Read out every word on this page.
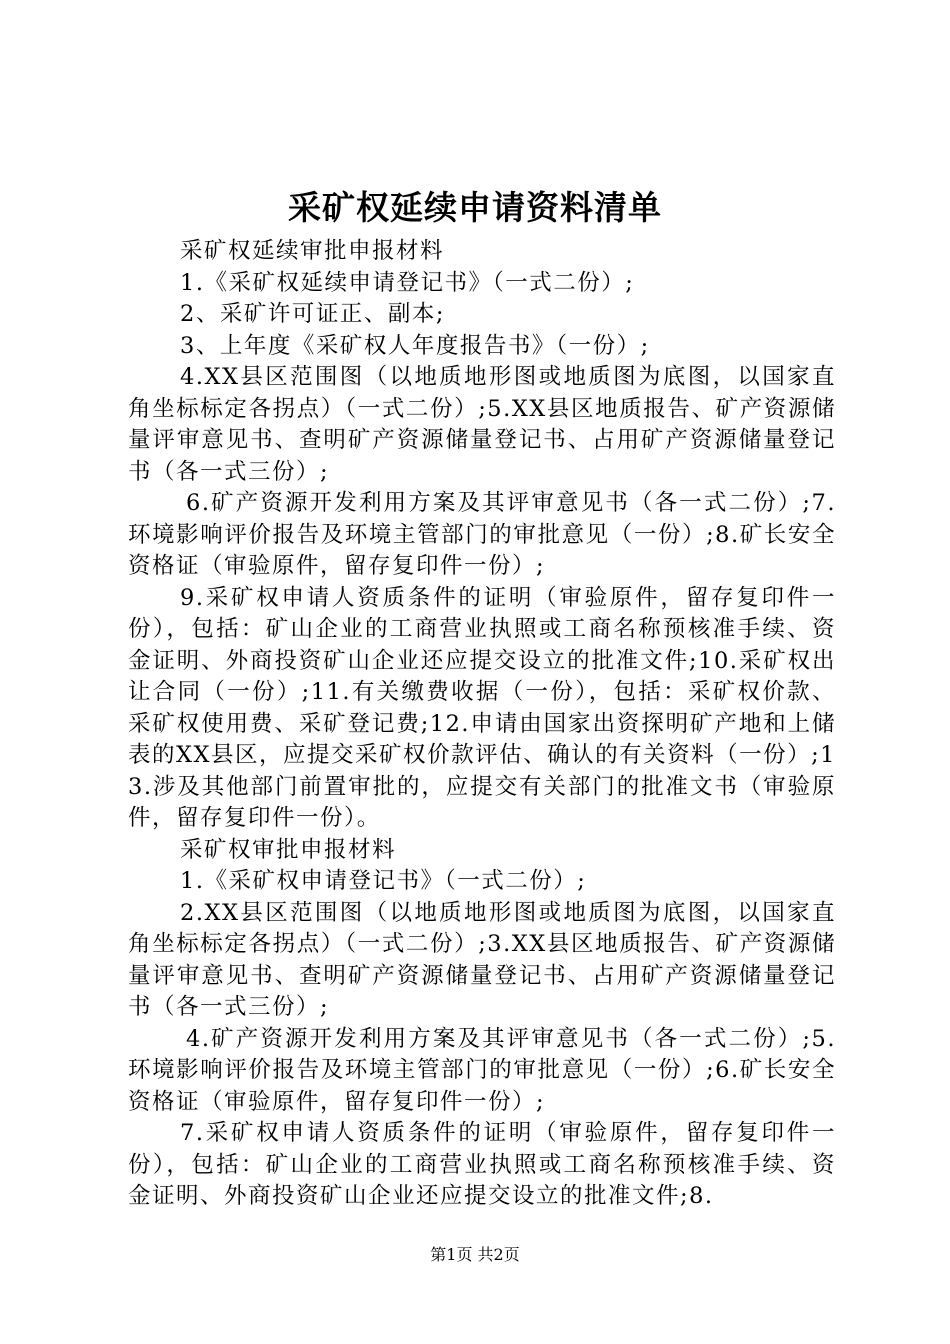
采矿权延续申请资料清单

采矿权延续审批申报材料

1.《采矿权延续申请登记书》（一式二份）;

2、采矿许可证正、副本;

3、上年度《采矿权人年度报告书》（一份）;

4.XX县区范围图（以地质地形图或地质图为底图，以国家直角坐标标定各拐点）（一式二份）;5.XX县区地质报告、矿产资源储量评审意见书、查明矿产资源储量登记书、占用矿产资源储量登记书（各一式三份）;

6.矿产资源开发利用方案及其评审意见书（各一式二份）;7.环境影响评价报告及环境主管部门的审批意见（一份）;8.矿长安全资格证（审验原件，留存复印件一份）;

9.采矿权申请人资质条件的证明（审验原件，留存复印件一份），包括：矿山企业的工商营业执照或工商名称预核准手续、资金证明、外商投资矿山企业还应提交设立的批准文件;10.采矿权出让合同（一份）;11.有关缴费收据（一份），包括：采矿权价款、采矿权使用费、采矿登记费;12.申请由国家出资探明矿产地和上储表的XX县区，应提交采矿权价款评估、确认的有关资料（一份）;13.涉及其他部门前置审批的，应提交有关部门的批准文书（审验原件，留存复印件一份）。

采矿权审批申报材料

1.《采矿权申请登记书》（一式二份）;

2.XX县区范围图（以地质地形图或地质图为底图，以国家直角坐标标定各拐点）（一式二份）;3.XX县区地质报告、矿产资源储量评审意见书、查明矿产资源储量登记书、占用矿产资源储量登记书（各一式三份）;

4.矿产资源开发利用方案及其评审意见书（各一式二份）;5.环境影响评价报告及环境主管部门的审批意见（一份）;6.矿长安全资格证（审验原件，留存复印件一份）;

7.采矿权申请人资质条件的证明（审验原件，留存复印件一份），包括：矿山企业的工商营业执照或工商名称预核准手续、资金证明、外商投资矿山企业还应提交设立的批准文件;8.

第1页 共2页
